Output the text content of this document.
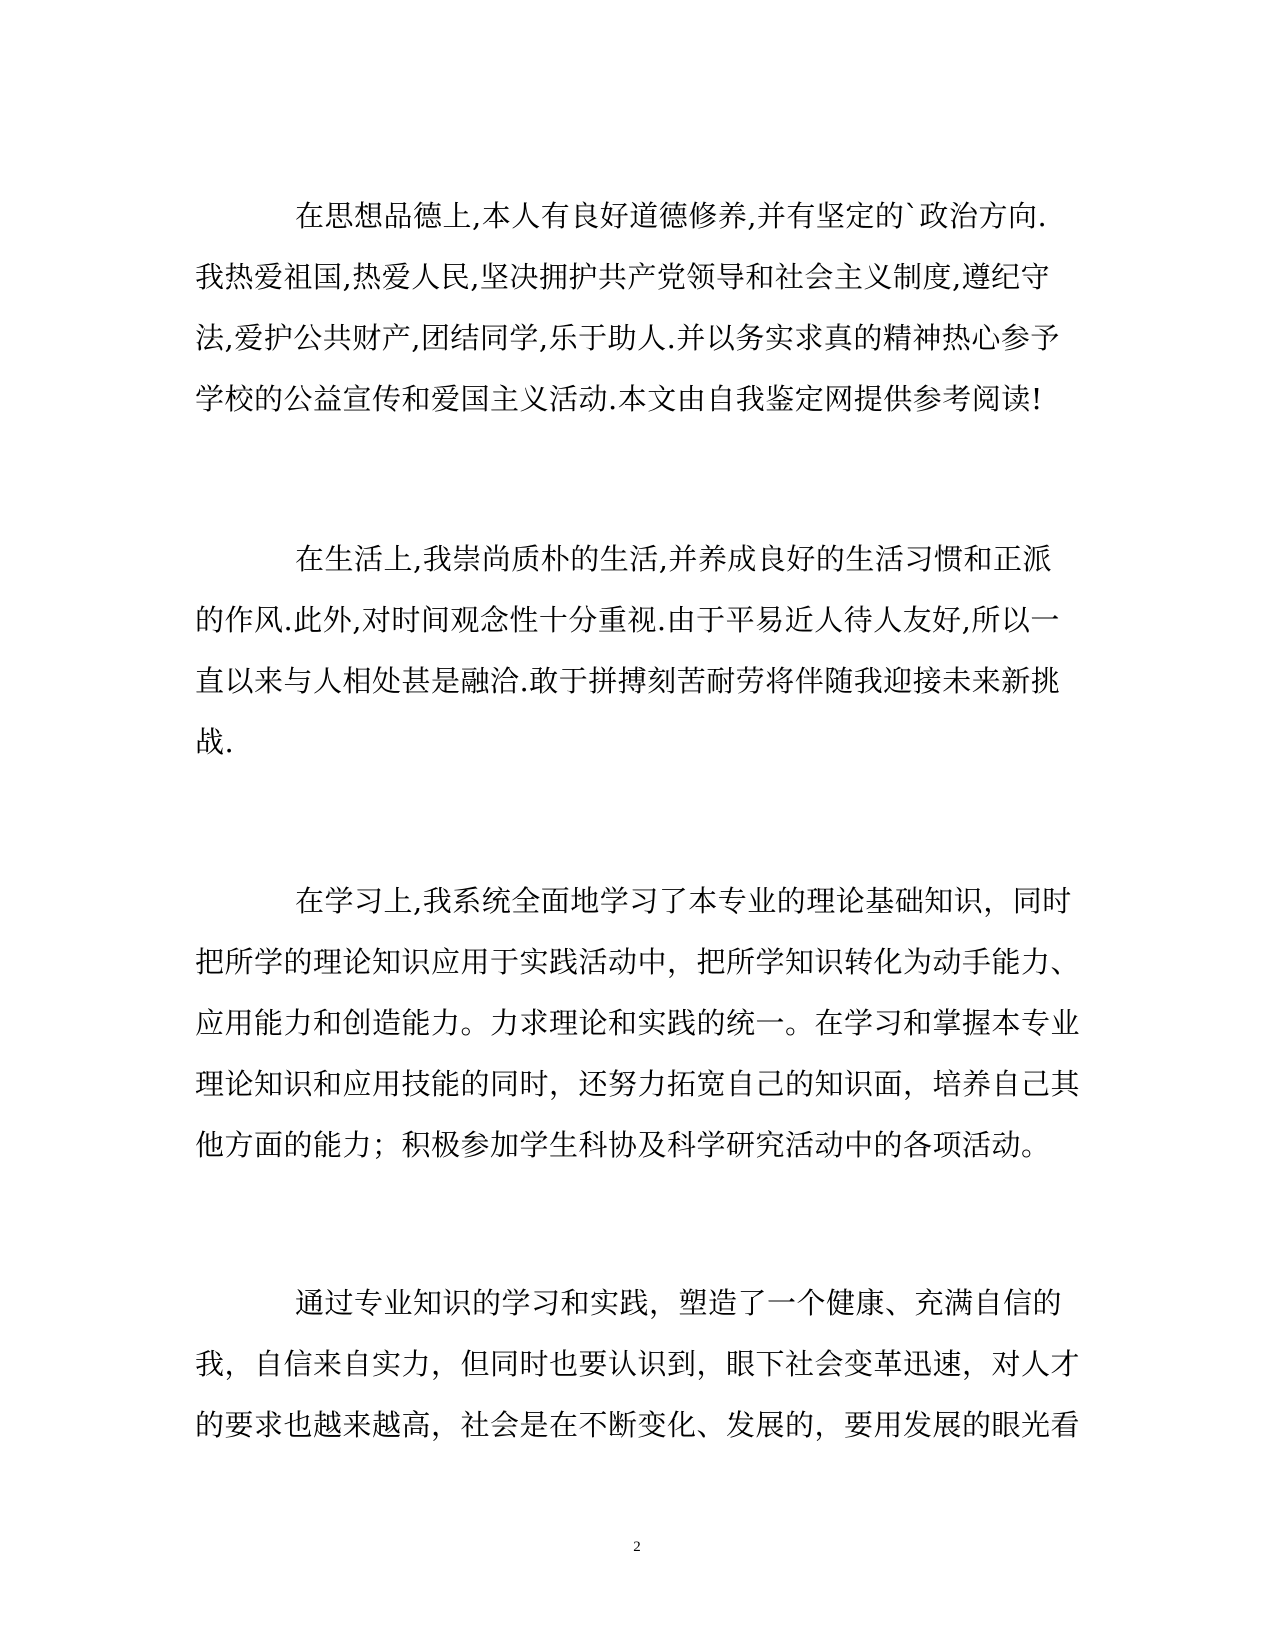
在思想品德上,本人有良好道德修养,并有坚定的`政治方向.
我热爱祖国,热爱人民,坚决拥护共产党领导和社会主义制度,遵纪守
法,爱护公共财产,团结同学,乐于助人.并以务实求真的精神热心参予
学校的公益宣传和爱国主义活动.本文由自我鉴定网提供参考阅读!
在生活上,我崇尚质朴的生活,并养成良好的生活习惯和正派
的作风.此外,对时间观念性十分重视.由于平易近人待人友好,所以一
直以来与人相处甚是融洽.敢于拼搏刻苦耐劳将伴随我迎接未来新挑
战.
在学习上,我系统全面地学习了本专业的理论基础知识，同时
把所学的理论知识应用于实践活动中，把所学知识转化为动手能力、
应用能力和创造能力。力求理论和实践的统一。在学习和掌握本专业
理论知识和应用技能的同时，还努力拓宽自己的知识面，培养自己其
他方面的能力；积极参加学生科协及科学研究活动中的各项活动。
通过专业知识的学习和实践，塑造了一个健康、充满自信的
我，自信来自实力，但同时也要认识到，眼下社会变革迅速，对人才
的要求也越来越高，社会是在不断变化、发展的，要用发展的眼光看
2
